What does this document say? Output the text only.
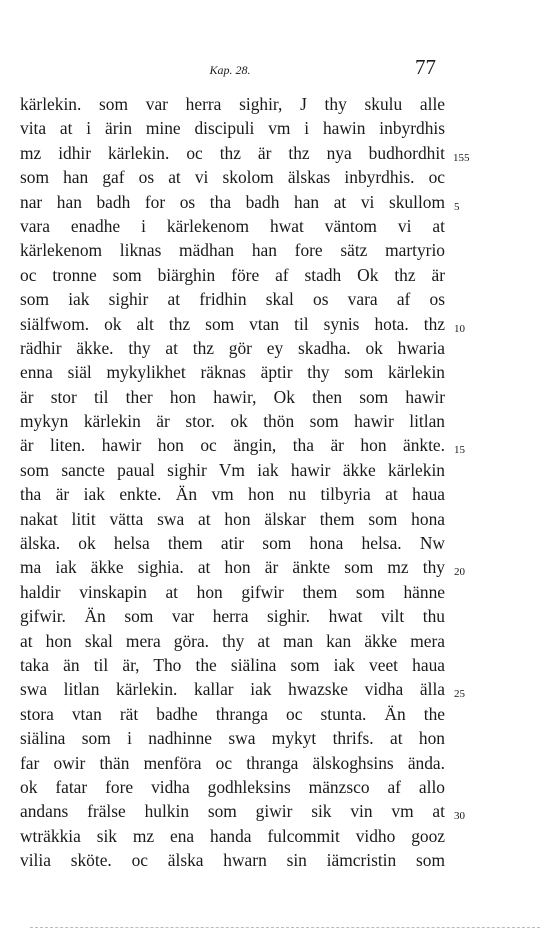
Kap. 28.	77
kärlekin. som var herra sighir, J thy skulu alle
vita at i ärin mine discipuli vm i hawin inbyrdhis
mz idhir kärlekin. oc thz är thz nya budhordhit
som han gaf os at vi skolom älskas inbyrdhis. oc
nar han badh for os tha badh han at vi skullom
vara enadhe i kärlekenom hwat väntom vi at
kärlekenom liknas mädhan han fore sätz martyrio
oc tronne som biärghin före af stadh Ok thz är
som iak sighir at fridhin skal os vara af os
siälfwom. ok alt thz som vtan til synis hota. thz
rädhir äkke. thy at thz gör ey skadha. ok hwaria
enna siäl mykylikhet räknas äptir thy som kärlekin
är stor til ther hon hawir, Ok then som hawir
mykyn kärlekin är stor. ok thön som hawir litlan
är liten. hawir hon oc ängin, tha är hon änkte.
som sancte paual sighir Vm iak hawir äkke kärlekin
tha är iak enkte. Än vm hon nu tilbyria at haua
nakat litit vätta swa at hon älskar them som hona
älska. ok helsa them atir som hona helsa. Nw
ma iak äkke sighia. at hon är änkte som mz thy
haldir vinskapin at hon gifwir them som hänne
gifwir. Än som var herra sighir. hwat vilt thu
at hon skal mera göra. thy at man kan äkke mera
taka än til är, Tho the siälina som iak veet haua
swa litlan kärlekin. kallar iak hwazske vidha älla
stora vtan rät badhe thranga oc stunta. Än the
siälina som i nadhinne swa mykyt thrifs. at hon
far owir thän menföra oc thranga älskoghsins ända.
ok fatar fore vidha godhleksins mänzsco af allo
andans frälse hulkin som giwir sik vin vm at
wträkkia sik mz ena handa fulcommit vidho gooz
vilia sköte. oc älska hwarn sin iämcristin som
155
5
10
15
20
25
30
